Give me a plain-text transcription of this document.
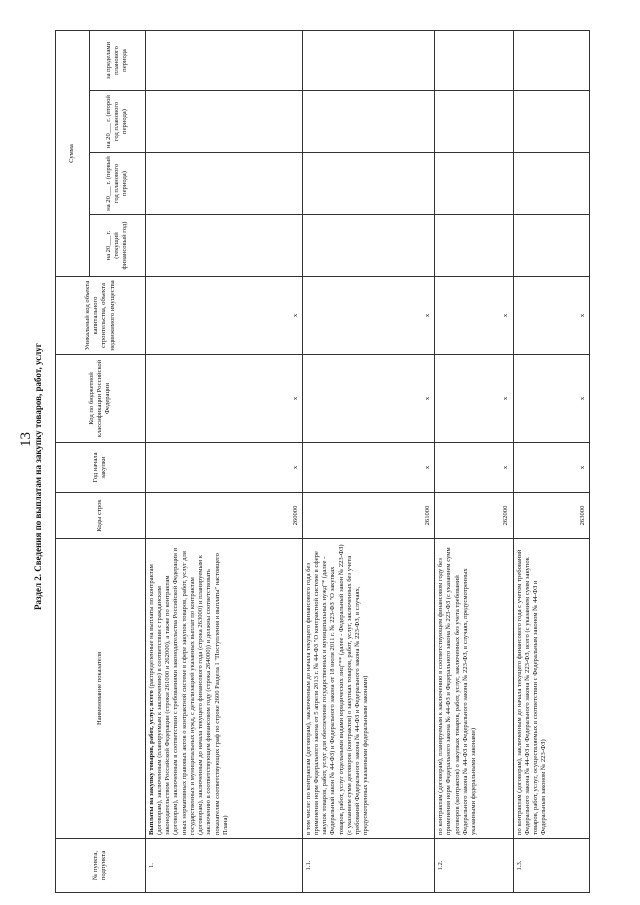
13 Раздел 2. Сведения по выплатам на закупку товаров, работ, услуг
№ пункта, подпункта	Наименование показателя	Коды строк	Год начала закупки	Код по бюджетной классификации Российской Федерации	Уникальный код объекта капитального строительства, объекта недвижимого имущества	Сумма			
						на 20___ г. (текущий финансовый год)	на 20___ г. (первый год планового периода)	на 20___ г. (второй год планового периода)	за пределами планового периода
1.	Выплаты на закупку товаров, работ, услуг, всего (распределенные на выплаты по контрактам (договорам), заключенным (планируемым к заключению) в соответствии с гражданским законодательством Российской Федерации (строки 261000 и 262000), а также по контрактам (договорам), заключенным в соответствии с требованиями законодательства Российской Федерации и иных нормативных правовых актов о контрактной системе в сфере закупок товаров, работ, услуг для государственных и муниципальных нужд, с детализацией указанных выплат по контрактам (договорам), заключенным до начала текущего финансового года (строка 263000) и планируемым к заключению в соответствующем финансовом году (строка 264000)) и должны соответствовать показателям соответствующих граф по строке 2600 Раздела 1 "Поступления и выплаты" настоящего Плана)	260000	x	x	x				
1.1.	в том числе: по контрактам (договорам), заключенным до начала текущего финансового года без применения норм Федерального закона от 5 апреля 2013 г. № 44-ФЗ "О контрактной системе в сфере закупок товаров, работ, услуг для обеспечения государственных и муниципальных нужд"* (далее - Федеральный закон № 44-ФЗ) и Федерального закона от 18 июля 2011 г. № 223-ФЗ "О закупках товаров, работ, услуг отдельными видами юридических лиц"** (далее - Федеральный закон № 223-ФЗ) (с указанием сумм договоров (контрактов) о закупках товаров, работ, услуг, заключенных без учета требований Федерального закона № 44-ФЗ и Федерального закона № 223-ФЗ, в случаях, предусмотренных указанными федеральными законами)	261000	x	x	x				
1.2.	по контрактам (договорам), планируемым к заключению в соответствующем финансовом году без применения норм Федерального закона № 44-ФЗ и Федерального закона № 223-ФЗ (с указанием сумм договоров (контрактов) о закупках товаров, работ, услуг, заключенных без учета требований Федерального закона № 44-ФЗ и Федерального закона № 223-ФЗ, в случаях, предусмотренных указанными федеральными законами)	262000	x	x	x				
1.3.	по контрактам (договорам), заключенным до начала текущего финансового года с учетом требований Федерального закона № 44-ФЗ и Федерального закона № 223-ФЗ, всего (с указанием сумм закупок товаров, работ, услуг, осуществляемых в соответствии с Федеральным законом № 44-ФЗ и Федеральным законом № 223-ФЗ)	263000	x	x	x				
